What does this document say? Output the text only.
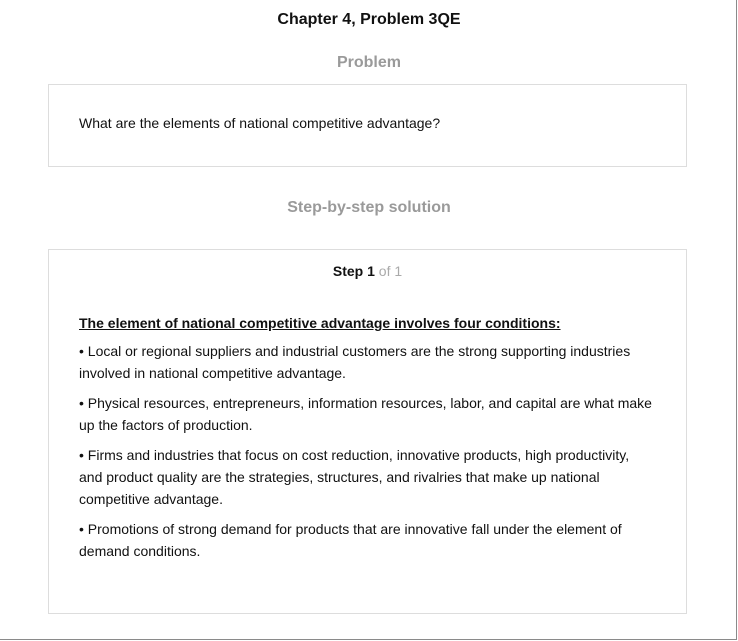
Chapter 4, Problem 3QE
Problem
What are the elements of national competitive advantage?
Step-by-step solution
Step 1 of 1

The element of national competitive advantage involves four conditions:

• Local or regional suppliers and industrial customers are the strong supporting industries involved in national competitive advantage.

• Physical resources, entrepreneurs, information resources, labor, and capital are what make up the factors of production.

• Firms and industries that focus on cost reduction, innovative products, high productivity, and product quality are the strategies, structures, and rivalries that make up national competitive advantage.

• Promotions of strong demand for products that are innovative fall under the element of demand conditions.
